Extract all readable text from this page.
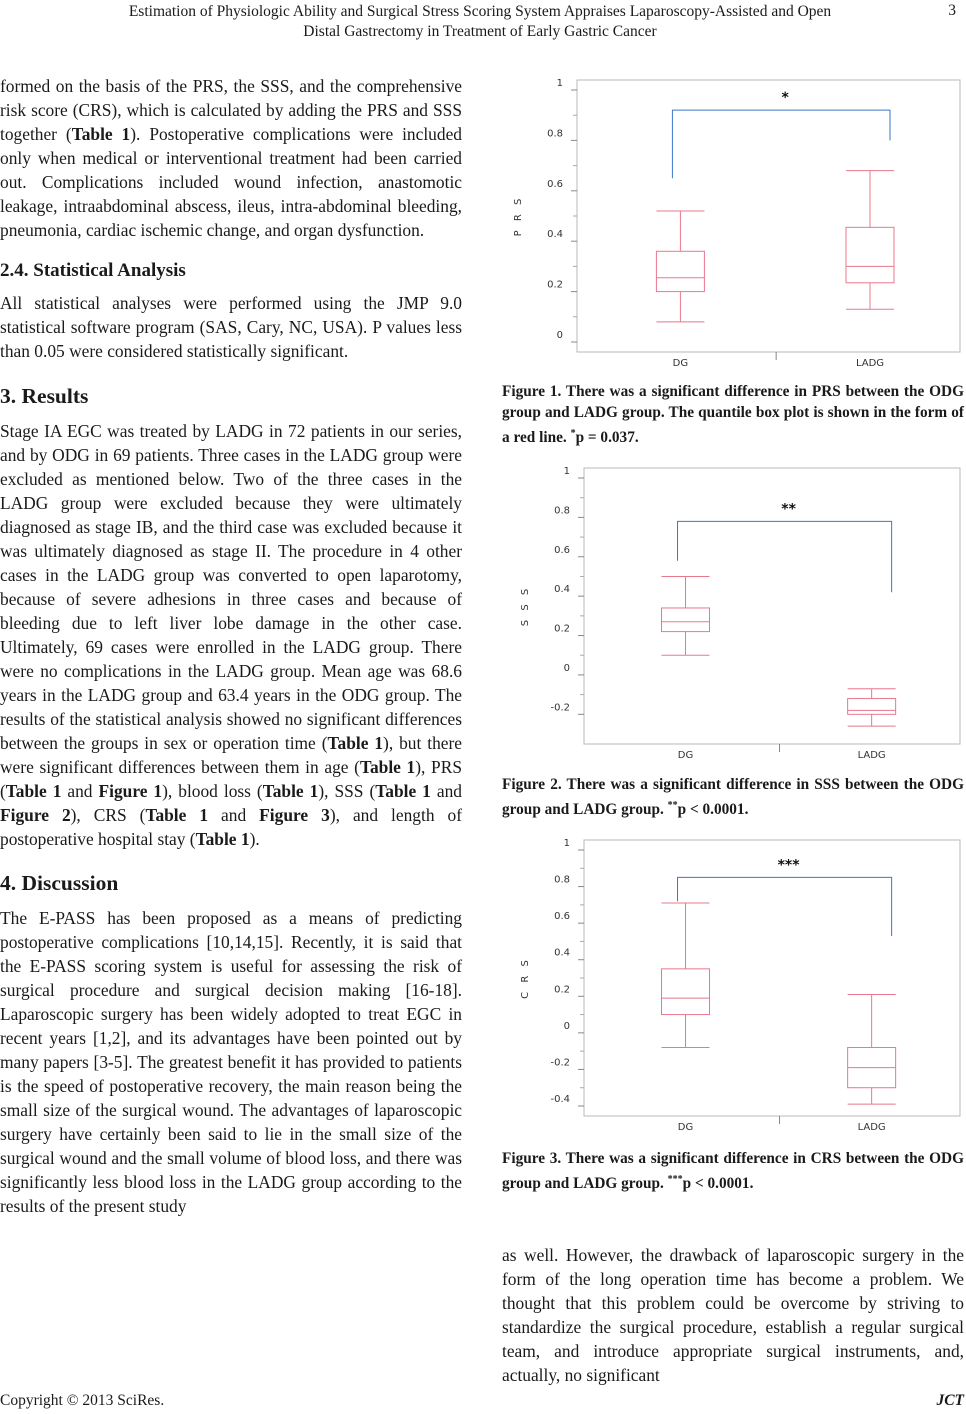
Estimation of Physiologic Ability and Surgical Stress Scoring System Appraises Laparoscopy-Assisted and Open
Distal Gastrectomy in Treatment of Early Gastric Cancer
3

formed on the basis of the PRS, the SSS, and the comprehensive risk score (CRS), which is calculated by adding the PRS and SSS together (Table 1). Postoperative complications were included only when medical or interventional treatment had been carried out. Complications included wound infection, anastomotic leakage, intraabdominal abscess, ileus, intra-abdominal bleeding, pneumonia, cardiac ischemic change, and organ dysfunction.

2.4. Statistical Analysis

All statistical analyses were performed using the JMP 9.0 statistical software program (SAS, Cary, NC, USA). P values less than 0.05 were considered statistically significant.

3. Results

Stage IA EGC was treated by LADG in 72 patients in our series, and by ODG in 69 patients. Three cases in the LADG group were excluded as mentioned below. Two of the three cases in the LADG group were excluded because they were ultimately diagnosed as stage IB, and the third case was excluded because it was ultimately diagnosed as stage II. The procedure in 4 other cases in the LADG group was converted to open laparotomy, because of severe adhesions in three cases and because of bleeding due to left liver lobe damage in the other case. Ultimately, 69 cases were enrolled in the LADG group. There were no complications in the LADG group. Mean age was 68.6 years in the LADG group and 63.4 years in the ODG group. The results of the statistical analysis showed no significant differences between the groups in sex or operation time (Table 1), but there were significant differences between them in age (Table 1), PRS (Table 1 and Figure 1), blood loss (Table 1), SSS (Table 1 and Figure 2), CRS (Table 1 and Figure 3), and length of postoperative hospital stay (Table 1).

4. Discussion

The E-PASS has been proposed as a means of predicting postoperative complications [10,14,15]. Recently, it is said that the E-PASS scoring system is useful for assessing the risk of surgical procedure and surgical decision making [16-18]. Laparoscopic surgery has been widely adopted to treat EGC in recent years [1,2], and its advantages have been pointed out by many papers [3-5]. The greatest benefit it has provided to patients is the speed of postoperative recovery, the main reason being the small size of the surgical wound. The advantages of laparoscopic surgery have certainly been said to lie in the small size of the surgical wound and the small volume of blood loss, and there was significantly less blood loss in the LADG group according to the results of the present study

0
0.2
0.4
0.6
0.8
1
P R S
DG	LADG
*

Figure 1. There was a significant difference in PRS between the ODG group and LADG group. The quantile box plot is shown in the form of a red line. *p = 0.037.

-0.2
0
0.2
0.4
0.6
0.8
1
S S S
DG	LADG
**

Figure 2. There was a significant difference in SSS between the ODG group and LADG group. **p < 0.0001.

-0.4
-0.2
0
0.2
0.4
0.6
0.8
1
C R S
DG	LADG
***

Figure 3. There was a significant difference in CRS between the ODG group and LADG group. ***p < 0.0001.

as well. However, the drawback of laparoscopic surgery in the form of the long operation time has become a problem. We thought that this problem could be overcome by striving to standardize the surgical procedure, establish a regular surgical team, and introduce appropriate surgical instruments, and, actually, no significant

Copyright © 2013 SciRes.	JCT
